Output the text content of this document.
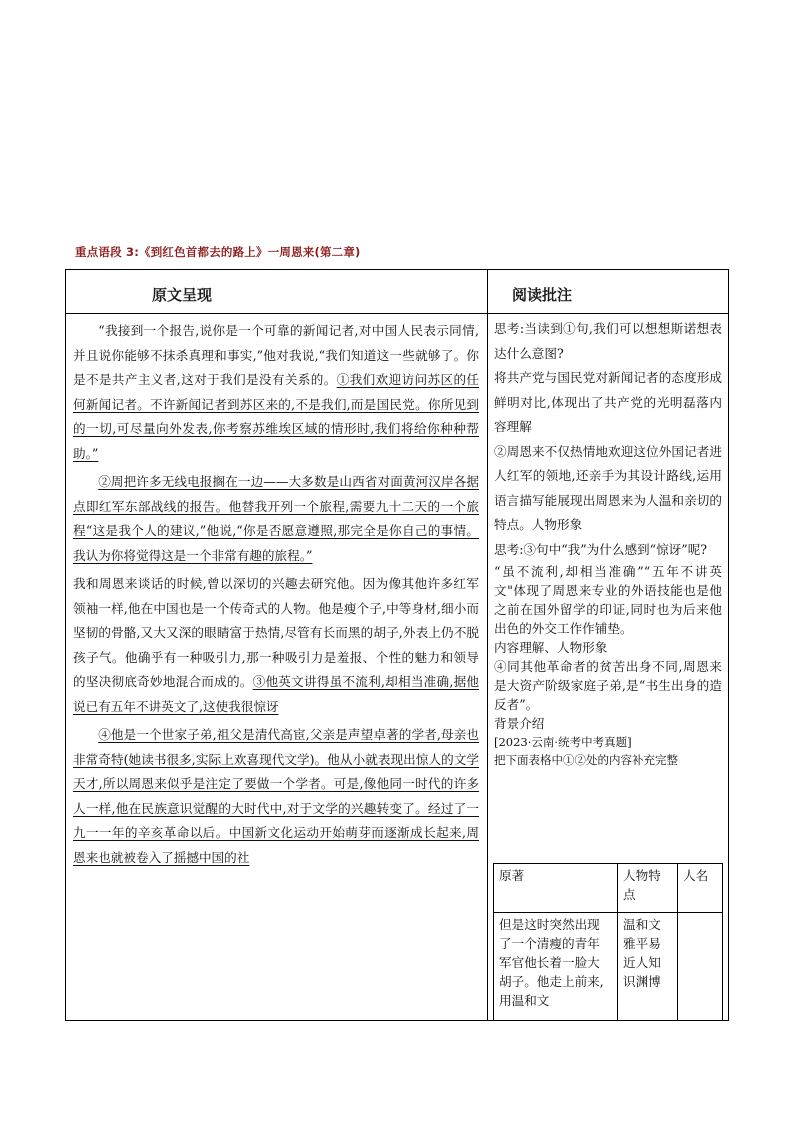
重点语段 3:《到红色首都去的路上》一周恩来(第二章)
原文呈现	阅读批注

“我接到一个报告,说你是一个可靠的新闻记者,对中国人民表示同情,并且说你能够不抹杀真理和事实,”他对我说,“我们知道这一些就够了。你是不是共产主义者,这对于我们是没有关系的。①我们欢迎访问苏区的任何新闻记者。不许新闻记者到苏区来的,不是我们,而是国民党。你所见到的一切,可尽量向外发表,你考察苏维埃区域的情形时,我们将给你种种帮助。”

②周把许多无线电报搁在一边——大多数是山西省对面黄河汉岸各据点即红军东部战线的报告。他替我开列一个旅程,需要九十二天的一个旅程“这是我个人的建议,”他说,“你是否愿意遵照,那完全是你自己的事情。我认为你将觉得这是一个非常有趣的旅程。”

我和周恩来谈话的时候,曾以深切的兴趣去研究他。因为像其他许多红军领袖一样,他在中国也是一个传奇式的人物。他是瘦个子,中等身材,细小而坚韧的骨骼,又大又深的眼睛富于热情,尽管有长而黑的胡子,外表上仍不脱孩子气。他确乎有一种吸引力,那一种吸引力是羞报、个性的魅力和领导的坚决彻底奇妙地混合而成的。③他英文讲得虽不流利,却相当准确,据他说已有五年不讲英文了,这使我很惊讶

④他是一个世家子弟,祖父是清代高宦,父亲是声望卓著的学者,母亲也非常奇特(她读书很多,实际上欢喜现代文学)。他从小就表现出惊人的文学天才,所以周恩来似乎是注定了要做一个学者。可是,像他同一时代的许多人一样,他在民族意识觉醒的大时代中,对于文学的兴趣转变了。经过了一九一一年的辛亥革命以后。中国新文化运动开始萌芽而逐渐成长起来,周恩来也就被卷入了摇撼中国的社

思考:当读到①句,我们可以想想斯诺想表达什么意图?

将共产党与国民党对新闻记者的态度形成鲜明对比,体现出了共产党的光明磊落内容理解

②周恩来不仅热情地欢迎这位外国记者进人红军的领地,还亲手为其设计路线,运用语言描写能展现出周恩来为人温和亲切的特点。人物形象

思考:③句中“我”为什么感到“惊讶”呢?

“虽不流利,却相当准确”“五年不讲英文"体现了周恩来专业的外语技能也是他之前在国外留学的印证,同时也为后来他出色的外交工作作铺垫。

内容理解、人物形象

④同其他革命者的贫苦出身不同,周恩来是大资产阶级家庭子弟,是“书生出身的造反者”。

背景介绍

[2023·云南·统考中考真题]

把下面表格中①②处的内容补充完整

原著	人物特点	人名
但是这时突然出现了一个清瘦的青年军官他长着一脸大胡子。他走上前来,用温和文	温和文雅平易近人知识渊博	
